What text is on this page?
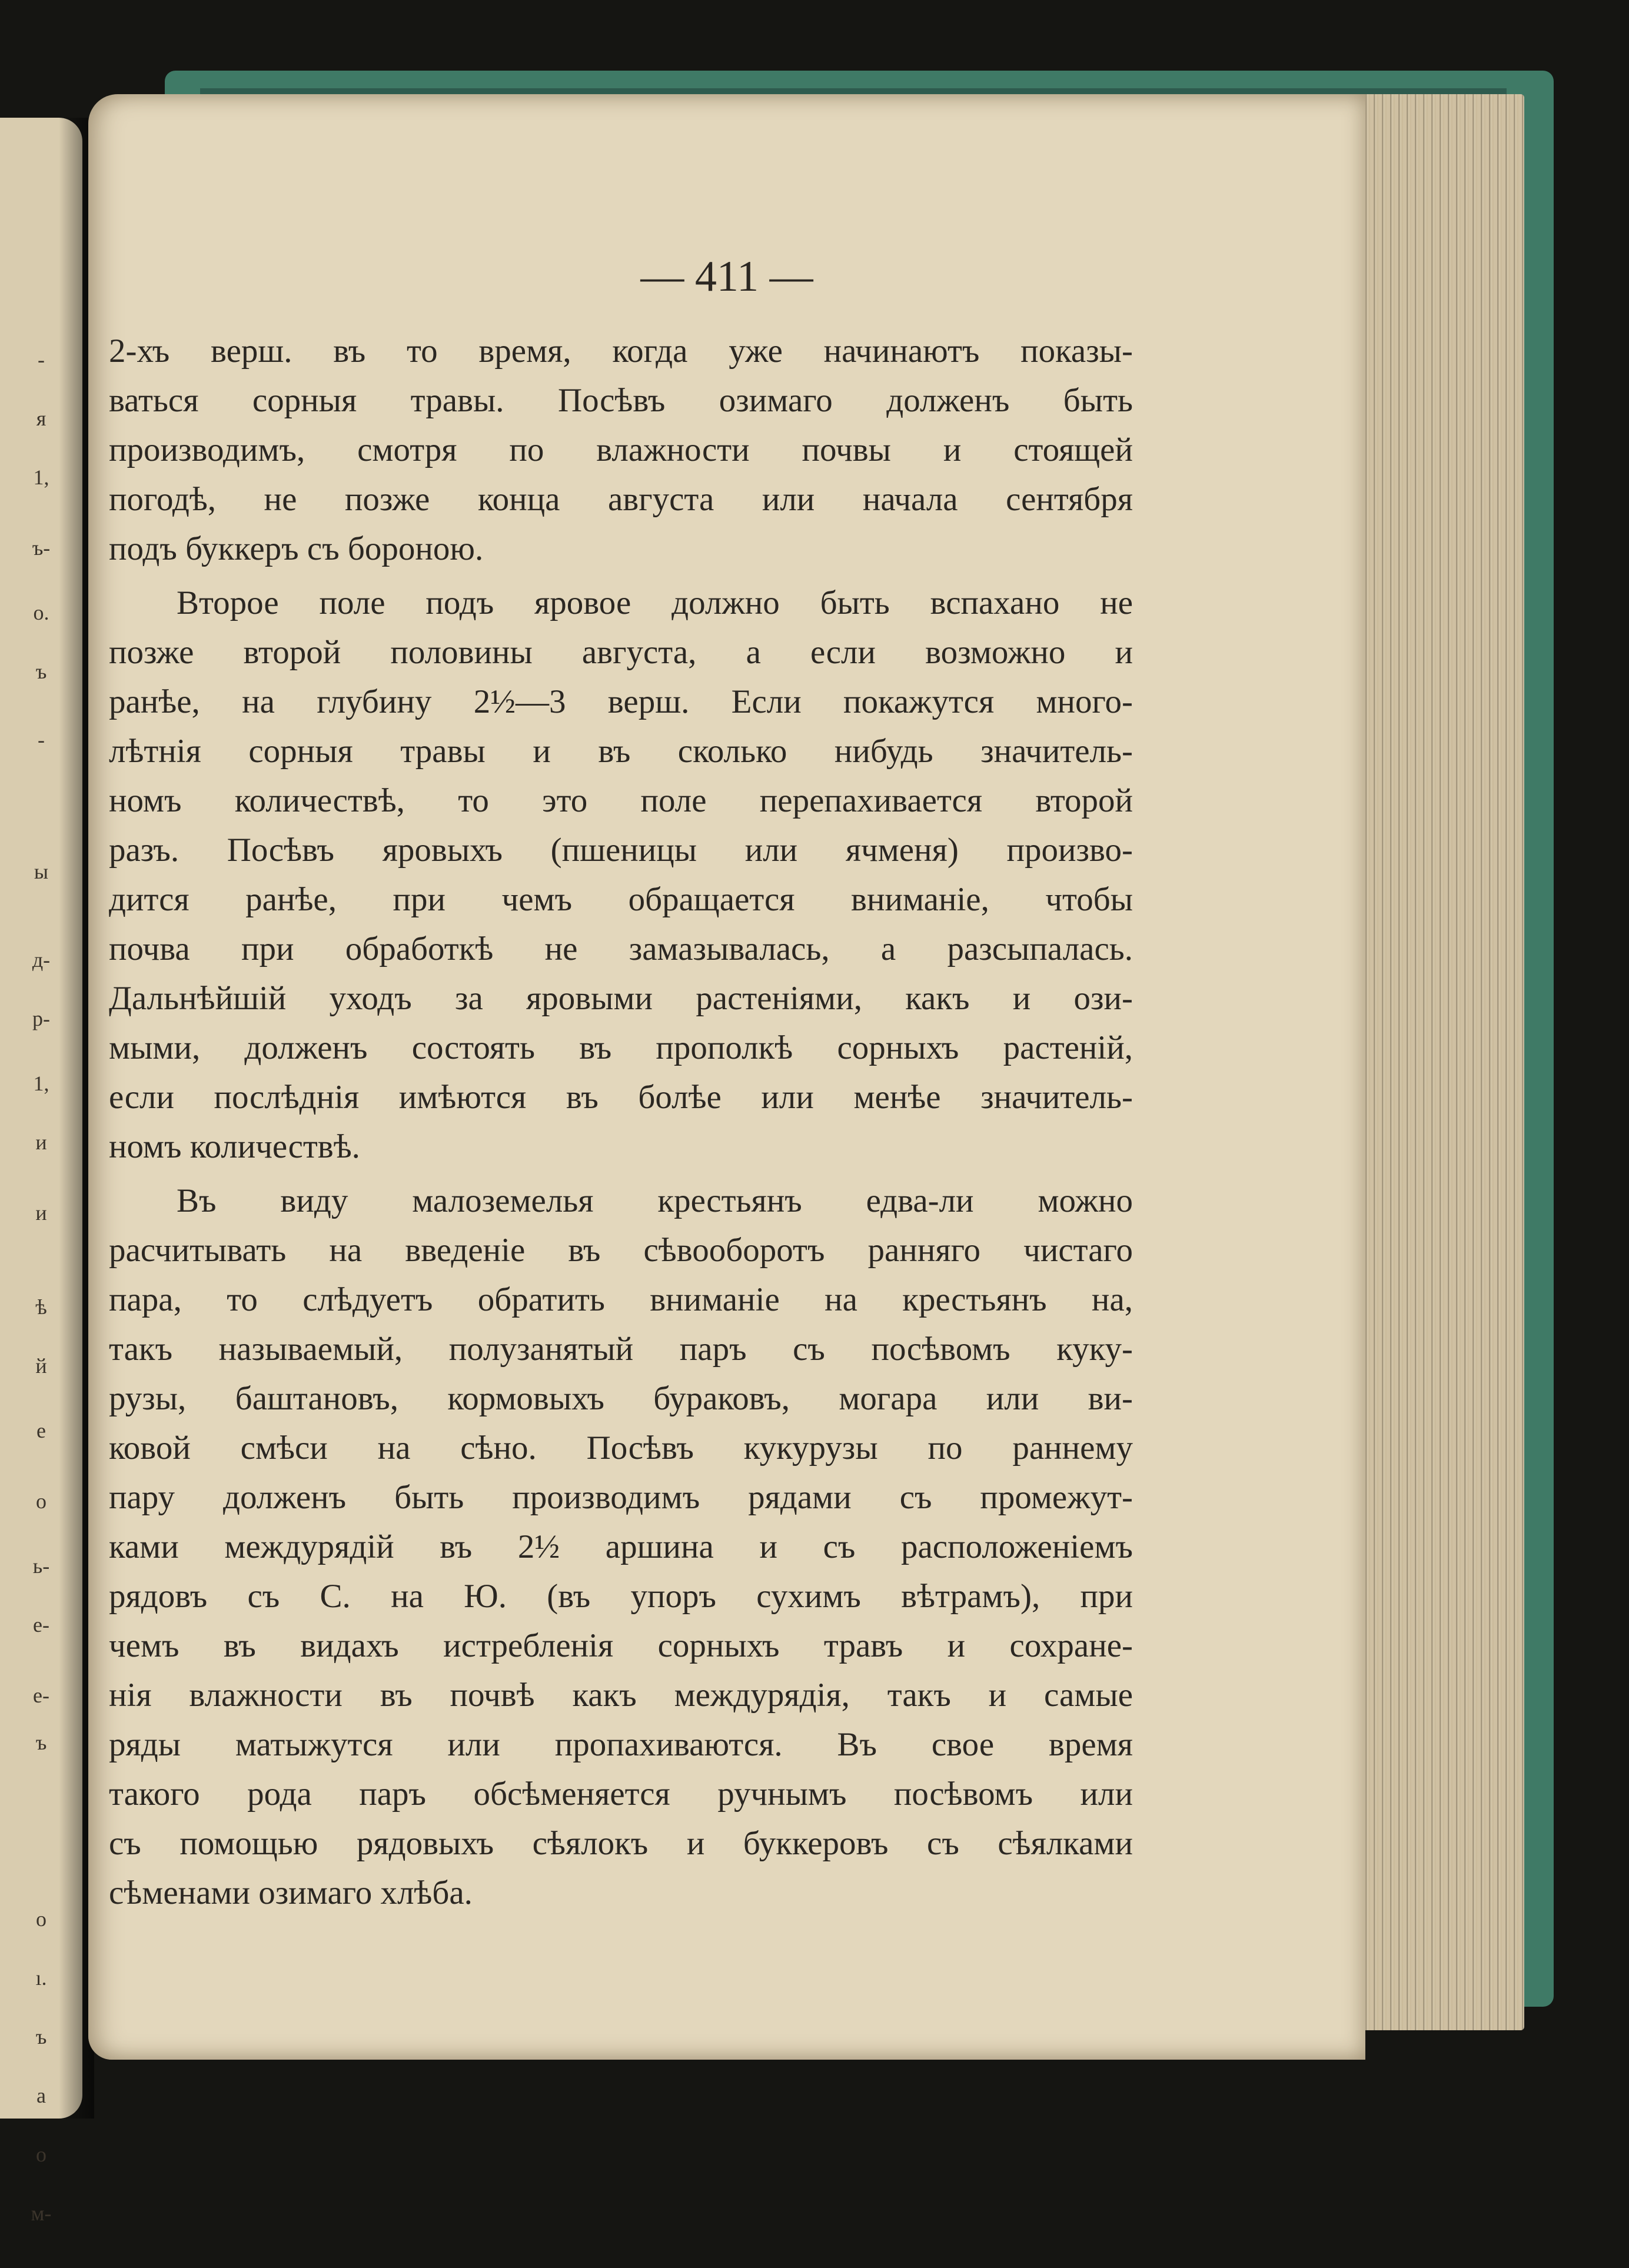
-
я
1,
ъ-
о.
ъ
-
ы
д-
р-
1,
и
и
ѣ
й
е
о
ь-
е-
е-
ъ
о
ı.
ъ
а
о
м-
— 411 —
2-хъ верш. въ то время, когда уже начинаютъ показы-
ваться сорныя травы. Посѣвъ озимаго долженъ быть
производимъ, смотря по влажности почвы и стоящей
погодѣ, не позже конца августа или начала сентября
подъ буккеръ съ бороною.
Второе поле подъ яровое должно быть вспахано не
позже второй половины августа, а если возможно и
ранѣе, на глубину 2½—3 верш. Если покажутся много-
лѣтнія сорныя травы и въ сколько нибудь значитель-
номъ количествѣ, то это поле перепахивается второй
разъ. Посѣвъ яровыхъ (пшеницы или ячменя) произво-
дится ранѣе, при чемъ обращается вниманіе, чтобы
почва при обработкѣ не замазывалась, а разсыпалась.
Дальнѣйшій уходъ за яровыми растеніями, какъ и ози-
мыми, долженъ состоять въ прополкѣ сорныхъ растеній,
если послѣднія имѣются въ болѣе или менѣе значитель-
номъ количествѣ.
Въ виду малоземелья крестьянъ едва-ли можно
расчитывать на введеніе въ сѣвооборотъ ранняго чистаго
пара, то слѣдуетъ обратить вниманіе на крестьянъ на,
такъ называемый, полузанятый паръ съ посѣвомъ куку-
рузы, баштановъ, кормовыхъ бураковъ, могара или ви-
ковой смѣси на сѣно. Посѣвъ кукурузы по раннему
пару долженъ быть производимъ рядами съ промежут-
ками междурядій въ 2½ аршина и съ расположеніемъ
рядовъ съ С. на Ю. (въ упоръ сухимъ вѣтрамъ), при
чемъ въ видахъ истребленія сорныхъ травъ и сохране-
нія влажности въ почвѣ какъ междурядія, такъ и самые
ряды матыжутся или пропахиваются. Въ свое время
такого рода паръ обсѣменяется ручнымъ посѣвомъ или
съ помощью рядовыхъ сѣялокъ и буккеровъ съ сѣялками
сѣменами озимаго хлѣба.
